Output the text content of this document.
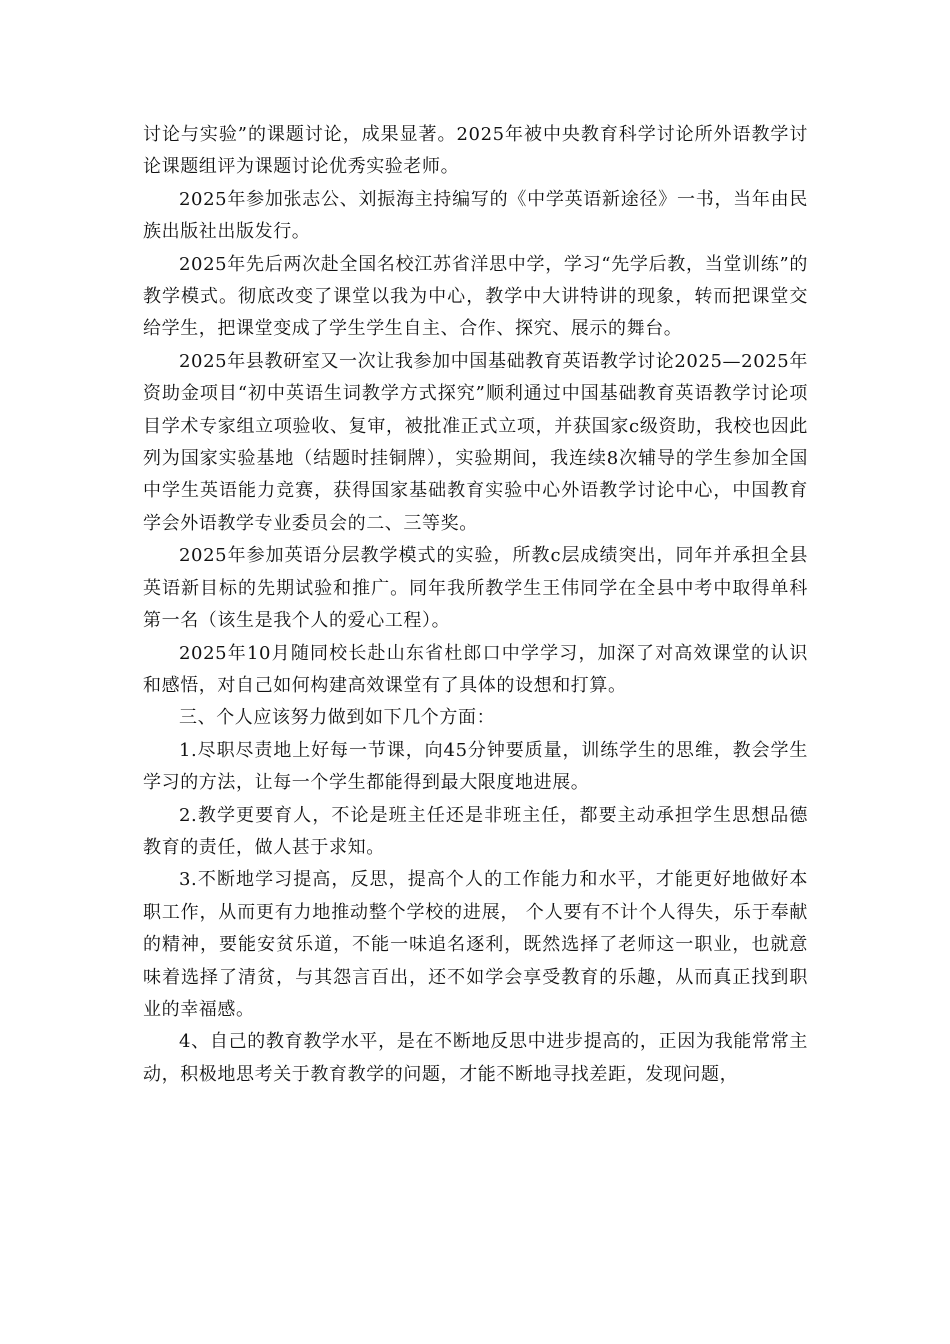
讨论与实验”的课题讨论，成果显著。2025年被中央教育科学讨论所外语教学讨论课题组评为课题讨论优秀实验老师。

2025年参加张志公、刘振海主持编写的《中学英语新途径》一书，当年由民族出版社出版发行。

2025年先后两次赴全国名校江苏省洋思中学，学习“先学后教，当堂训练”的教学模式。彻底改变了课堂以我为中心，教学中大讲特讲的现象，转而把课堂交给学生，把课堂变成了学生学生自主、合作、探究、展示的舞台。

2025年县教研室又一次让我参加中国基础教育英语教学讨论2025—2025年资助金项目“初中英语生词教学方式探究”顺利通过中国基础教育英语教学讨论项目学术专家组立项验收、复审，被批准正式立项，并获国家c级资助，我校也因此列为国家实验基地（结题时挂铜牌），实验期间，我连续8次辅导的学生参加全国中学生英语能力竞赛，获得国家基础教育实验中心外语教学讨论中心，中国教育学会外语教学专业委员会的二、三等奖。

2025年参加英语分层教学模式的实验，所教c层成绩突出，同年并承担全县英语新目标的先期试验和推广。同年我所教学生王伟同学在全县中考中取得单科第一名（该生是我个人的爱心工程）。

2025年10月随同校长赴山东省杜郎口中学学习，加深了对高效课堂的认识和感悟，对自己如何构建高效课堂有了具体的设想和打算。

三、个人应该努力做到如下几个方面：

1.尽职尽责地上好每一节课，向45分钟要质量，训练学生的思维，教会学生学习的方法，让每一个学生都能得到最大限度地进展。

2.教学更要育人，不论是班主任还是非班主任，都要主动承担学生思想品德教育的责任，做人甚于求知。

3.不断地学习提高，反思，提高个人的工作能力和水平，才能更好地做好本职工作，从而更有力地推动整个学校的进展， 个人要有不计个人得失，乐于奉献的精神，要能安贫乐道，不能一味追名逐利，既然选择了老师这一职业，也就意味着选择了清贫，与其怨言百出，还不如学会享受教育的乐趣，从而真正找到职业的幸福感。

4、自己的教育教学水平，是在不断地反思中进步提高的，正因为我能常常主动，积极地思考关于教育教学的问题，才能不断地寻找差距，发现问题，
